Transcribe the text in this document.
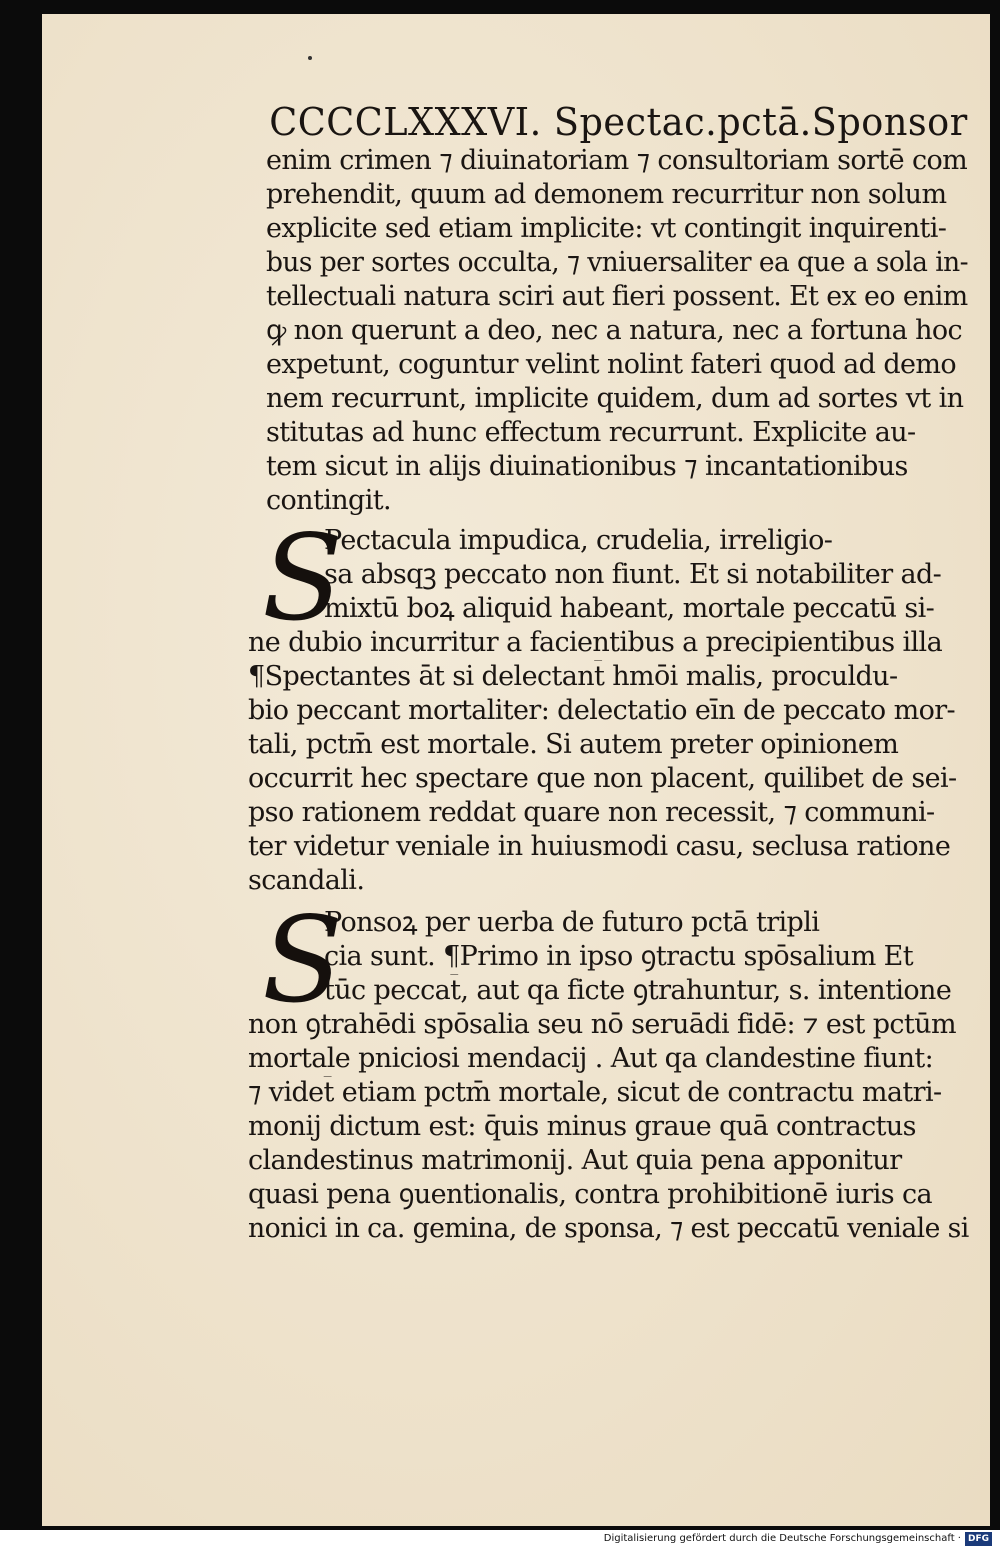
CCCCLXXXVI. Spectac.pctā.Sponsor
enim crimen ⁊ diuinatoriam ⁊ consultoriam sortē com
prehendit, quum ad demonem recurritur non solum
explicite sed etiam implicite: vt contingit inquirenti-
bus per sortes occulta, ⁊ vniuersaliter ea que a sola in-
tellectuali natura sciri aut fieri possent. Et ex eo enim
ꝙ non querunt a deo, nec a natura, nec a fortuna hoc
expetunt, coguntur velint nolint fateri quod ad demo
nem recurrunt, implicite quidem, dum ad sortes vt in
stitutas ad hunc effectum recurrunt. Explicite au-
tem sicut in alijs diuinationibus ⁊ incantationibus
contingit.
S
Pectacula impudica, crudelia, irreligio-
sa absqꝫ peccato non fiunt. Et si notabiliter ad-
mixtū boꝝ aliquid habeant, mortale peccatū si-
ne dubio incurritur a facientibus a precipientibus illa
¶Spectantes āt si delectant̄ hmōi malis, proculdu-
bio peccant mortaliter: delectatio eīn de peccato mor-
tali, pctm̄ est mortale. Si autem preter opinionem
occurrit hec spectare que non placent, quilibet de sei-
pso rationem reddat quare non recessit, ⁊ communi-
ter videtur veniale in huiusmodi casu, seclusa ratione
scandali.
S
Ponsoꝝ per uerba de futuro pctā tripli
cia sunt. ¶Primo in ipso ꝯtractu spōsalium Et
tūc peccat̄, aut qa ficte ꝯtrahuntur, s. intentione
non ꝯtrahēdi spōsalia seu nō seruādi fidē: ⁊ est pctūm
mortale pniciosi mendacij . Aut qa clandestine fiunt:
⁊ videt̄ etiam pctm̄ mortale, sicut de contractu matri-
monij dictum est: q̄uis minus graue quā contractus
clandestinus matrimonij. Aut quia pena apponitur
quasi pena ꝯuentionalis, contra prohibitionē iuris ca
nonici in ca. gemina, de sponsa, ⁊ est peccatū veniale si
Digitalisierung gefördert durch die Deutsche Forschungsgemeinschaft · DFG
